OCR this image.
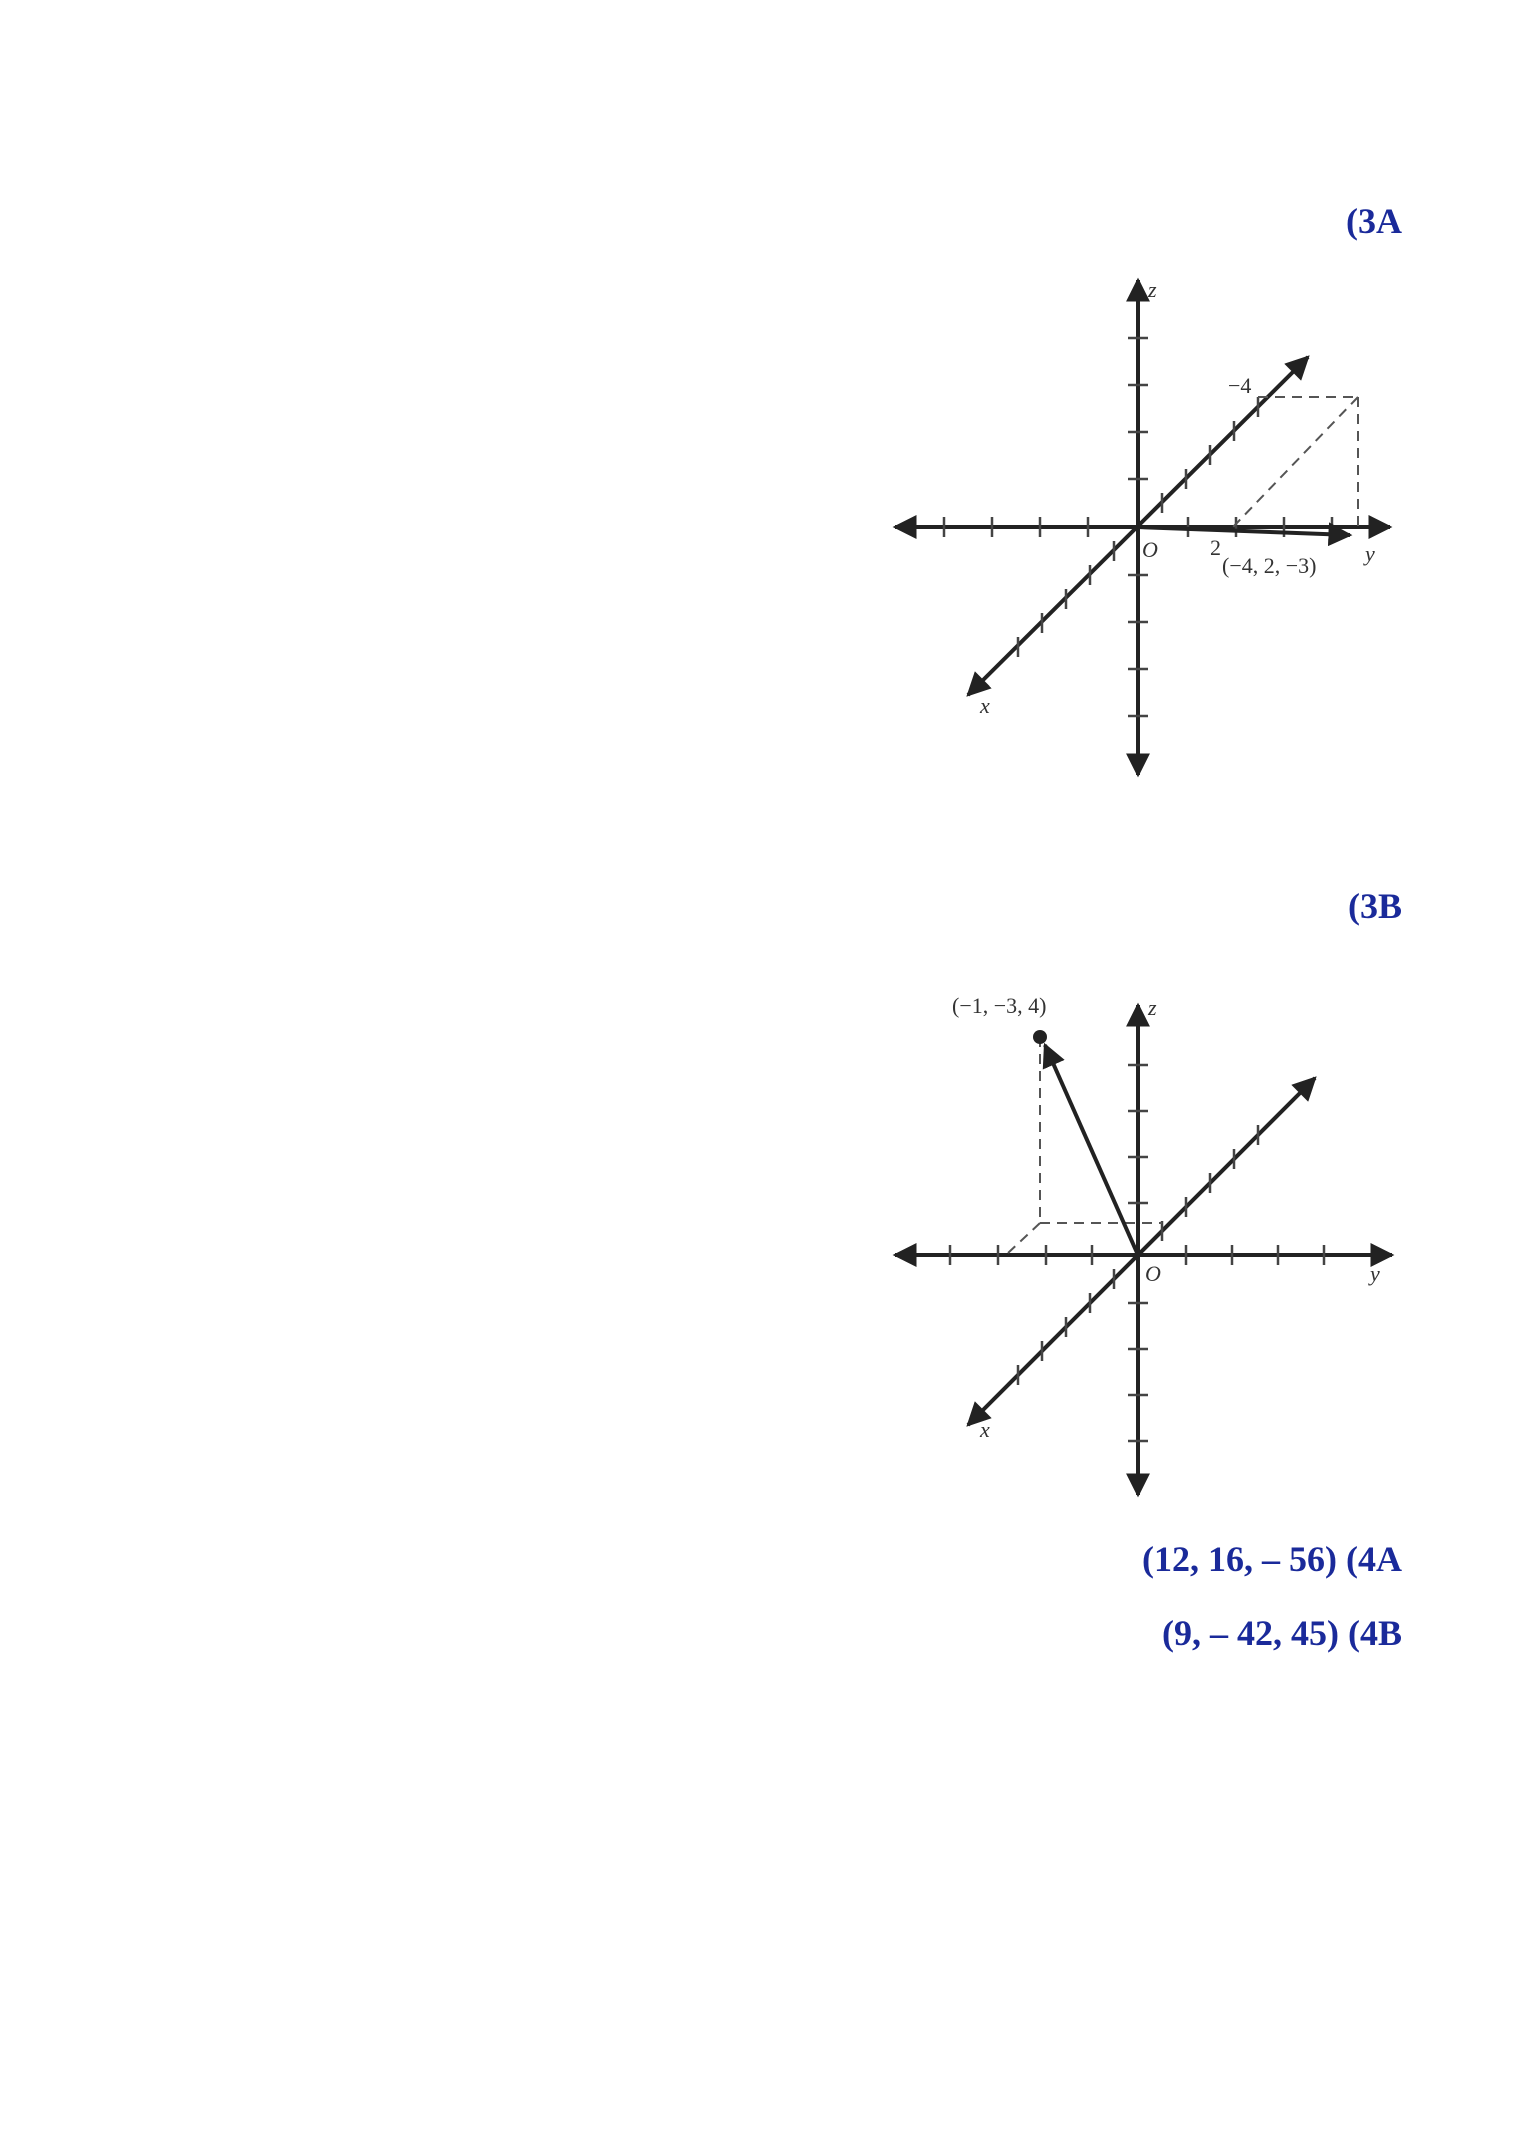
(3A
z
y
x
O 2
−4
(−4, 2, −3)
(3B
z
y
x
O
(−1, −3, 4)
(12, 16, – 56) (4A
(9, – 42, 45) (4B
